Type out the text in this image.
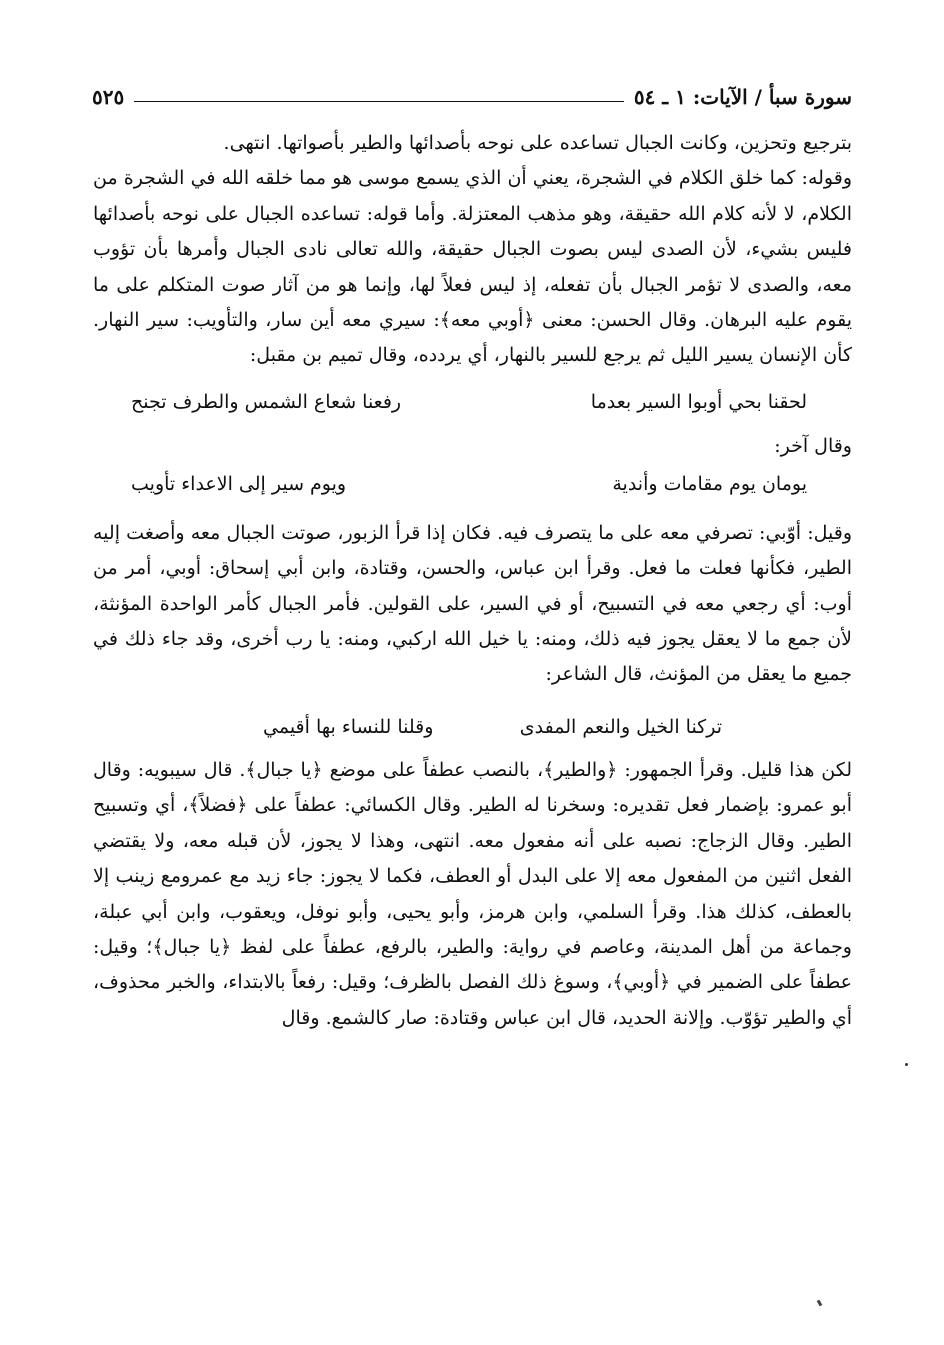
سورة سبأ / الآيات: ١ ـ ٥٤
٥٢٥

بترجيع وتحزين، وكانت الجبال تساعده على نوحه بأصدائها والطير بأصواتها. انتهى.

وقوله: كما خلق الكلام في الشجرة، يعني أن الذي يسمع موسى هو مما خلقه الله في الشجرة من الكلام، لا لأنه كلام الله حقيقة، وهو مذهب المعتزلة. وأما قوله: تساعده الجبال على نوحه بأصدائها فليس بشيء، لأن الصدى ليس بصوت الجبال حقيقة، والله تعالى نادى الجبال وأمرها بأن تؤوب معه، والصدى لا تؤمر الجبال بأن تفعله، إذ ليس فعلاً لها، وإنما هو من آثار صوت المتكلم على ما يقوم عليه البرهان. وقال الحسن: معنى ﴿أوبي معه﴾: سيري معه أين سار، والتأويب: سير النهار. كأن الإنسان يسير الليل ثم يرجع للسير بالنهار، أي يردده، وقال تميم بن مقبل:

لحقنا بحي أوبوا السير بعدما
رفعنا شعاع الشمس والطرف تجنح

وقال آخر:

يومان يوم مقامات وأندية
ويوم سير إلى الاعداء تأويب

وقيل: أوّبي: تصرفي معه على ما يتصرف فيه. فكان إذا قرأ الزبور، صوتت الجبال معه وأصغت إليه الطير، فكأنها فعلت ما فعل. وقرأ ابن عباس، والحسن، وقتادة، وابن أبي إسحاق: أوبي، أمر من أوب: أي رجعي معه في التسبيح، أو في السير، على القولين. فأمر الجبال كأمر الواحدة المؤنثة، لأن جمع ما لا يعقل يجوز فيه ذلك، ومنه: يا خيل الله اركبي، ومنه: يا رب أخرى، وقد جاء ذلك في جميع ما يعقل من المؤنث، قال الشاعر:

تركنا الخيل والنعم المفدى
وقلنا للنساء بها أقيمي

لكن هذا قليل. وقرأ الجمهور: ﴿والطير﴾، بالنصب عطفاً على موضع ﴿يا جبال﴾. قال سيبويه: وقال أبو عمرو: بإضمار فعل تقديره: وسخرنا له الطير. وقال الكسائي: عطفاً على ﴿فضلاً﴾، أي وتسبيح الطير. وقال الزجاج: نصبه على أنه مفعول معه. انتهى، وهذا لا يجوز، لأن قبله معه، ولا يقتضي الفعل اثنين من المفعول معه إلا على البدل أو العطف، فكما لا يجوز: جاء زيد مع عمرومع زينب إلا بالعطف، كذلك هذا. وقرأ السلمي، وابن هرمز، وأبو يحيى، وأبو نوفل، ويعقوب، وابن أبي عبلة، وجماعة من أهل المدينة، وعاصم في رواية: والطير، بالرفع، عطفاً على لفظ ﴿يا جبال﴾؛ وقيل: عطفاً على الضمير في ﴿أوبي﴾، وسوغ ذلك الفصل بالظرف؛ وقيل: رفعاً بالابتداء، والخبر محذوف، أي والطير تؤوّب. وإلانة الحديد، قال ابن عباس وقتادة: صار كالشمع. وقال
